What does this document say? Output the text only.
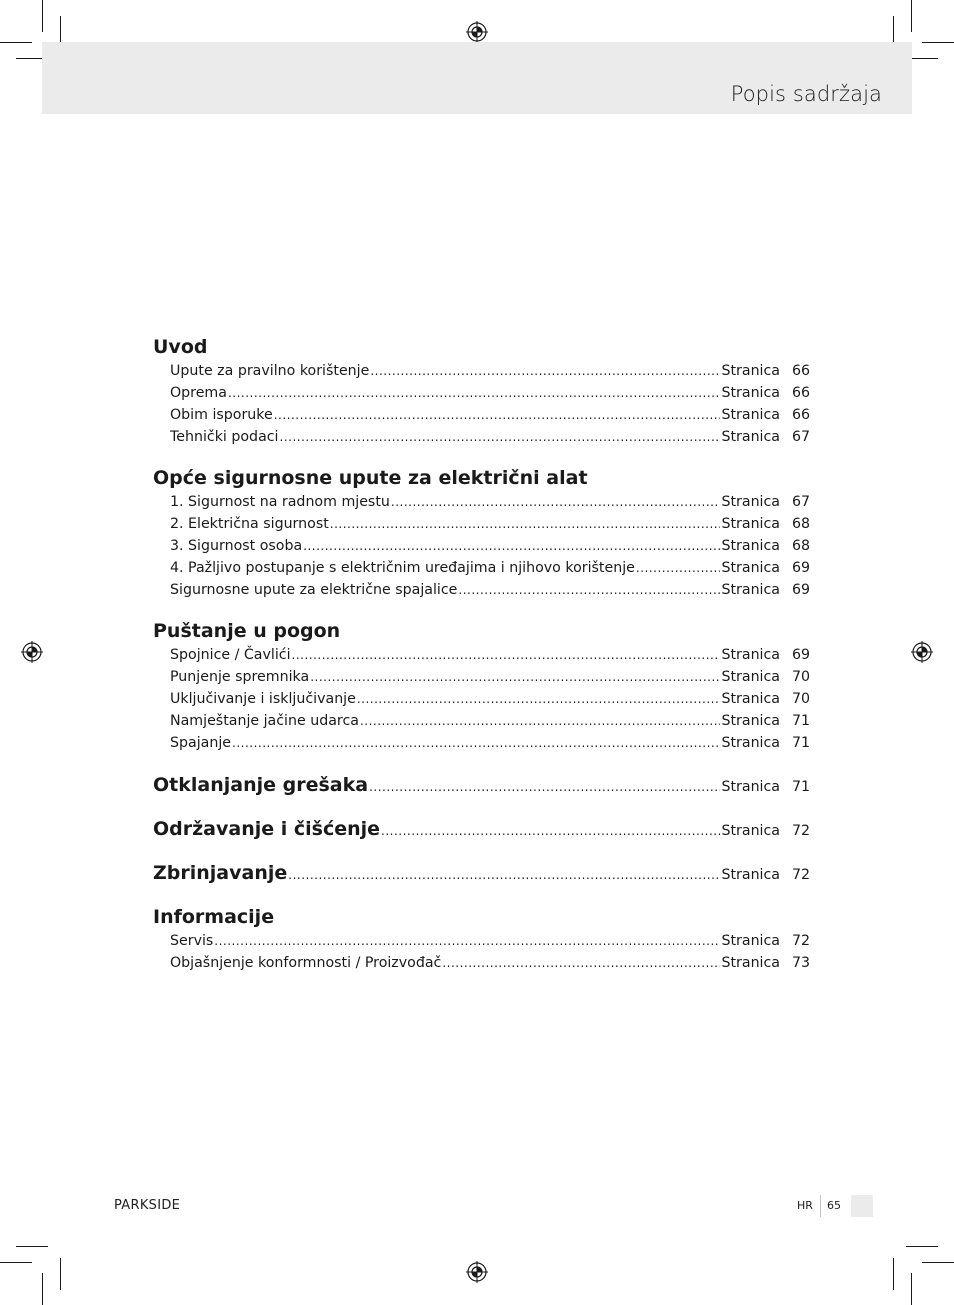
Popis sadržaja
Uvod
Upute za pravilno korištenje .....	Stranica 66
Oprema .....	Stranica 66
Obim isporuke .....	Stranica 66
Tehnički podaci .....	Stranica 67
Opće sigurnosne upute za električni alat
1. Sigurnost na radnom mjestu .....	Stranica 67
2. Električna sigurnost .....	Stranica 68
3. Sigurnost osoba .....	Stranica 68
4. Pažljivo postupanje s električnim uređajima i njihovo korištenje .....	Stranica 69
Sigurnosne upute za električne spajalice .....	Stranica 69
Puštanje u pogon
Spojnice / Čavlići .....	Stranica 69
Punjenje spremnika .....	Stranica 70
Uključivanje i isključivanje .....	Stranica 70
Namještanje jačine udarca .....	Stranica 71
Spajanje .....	Stranica 71
Otklanjanje grešaka .....	Stranica 71
Održavanje i čišćenje .....	Stranica 72
Zbrinjavanje .....	Stranica 72
Informacije
Servis .....	Stranica 72
Objašnjenje konformnosti / Proizvođač .....	Stranica 73
PARKSIDE	HR 65
